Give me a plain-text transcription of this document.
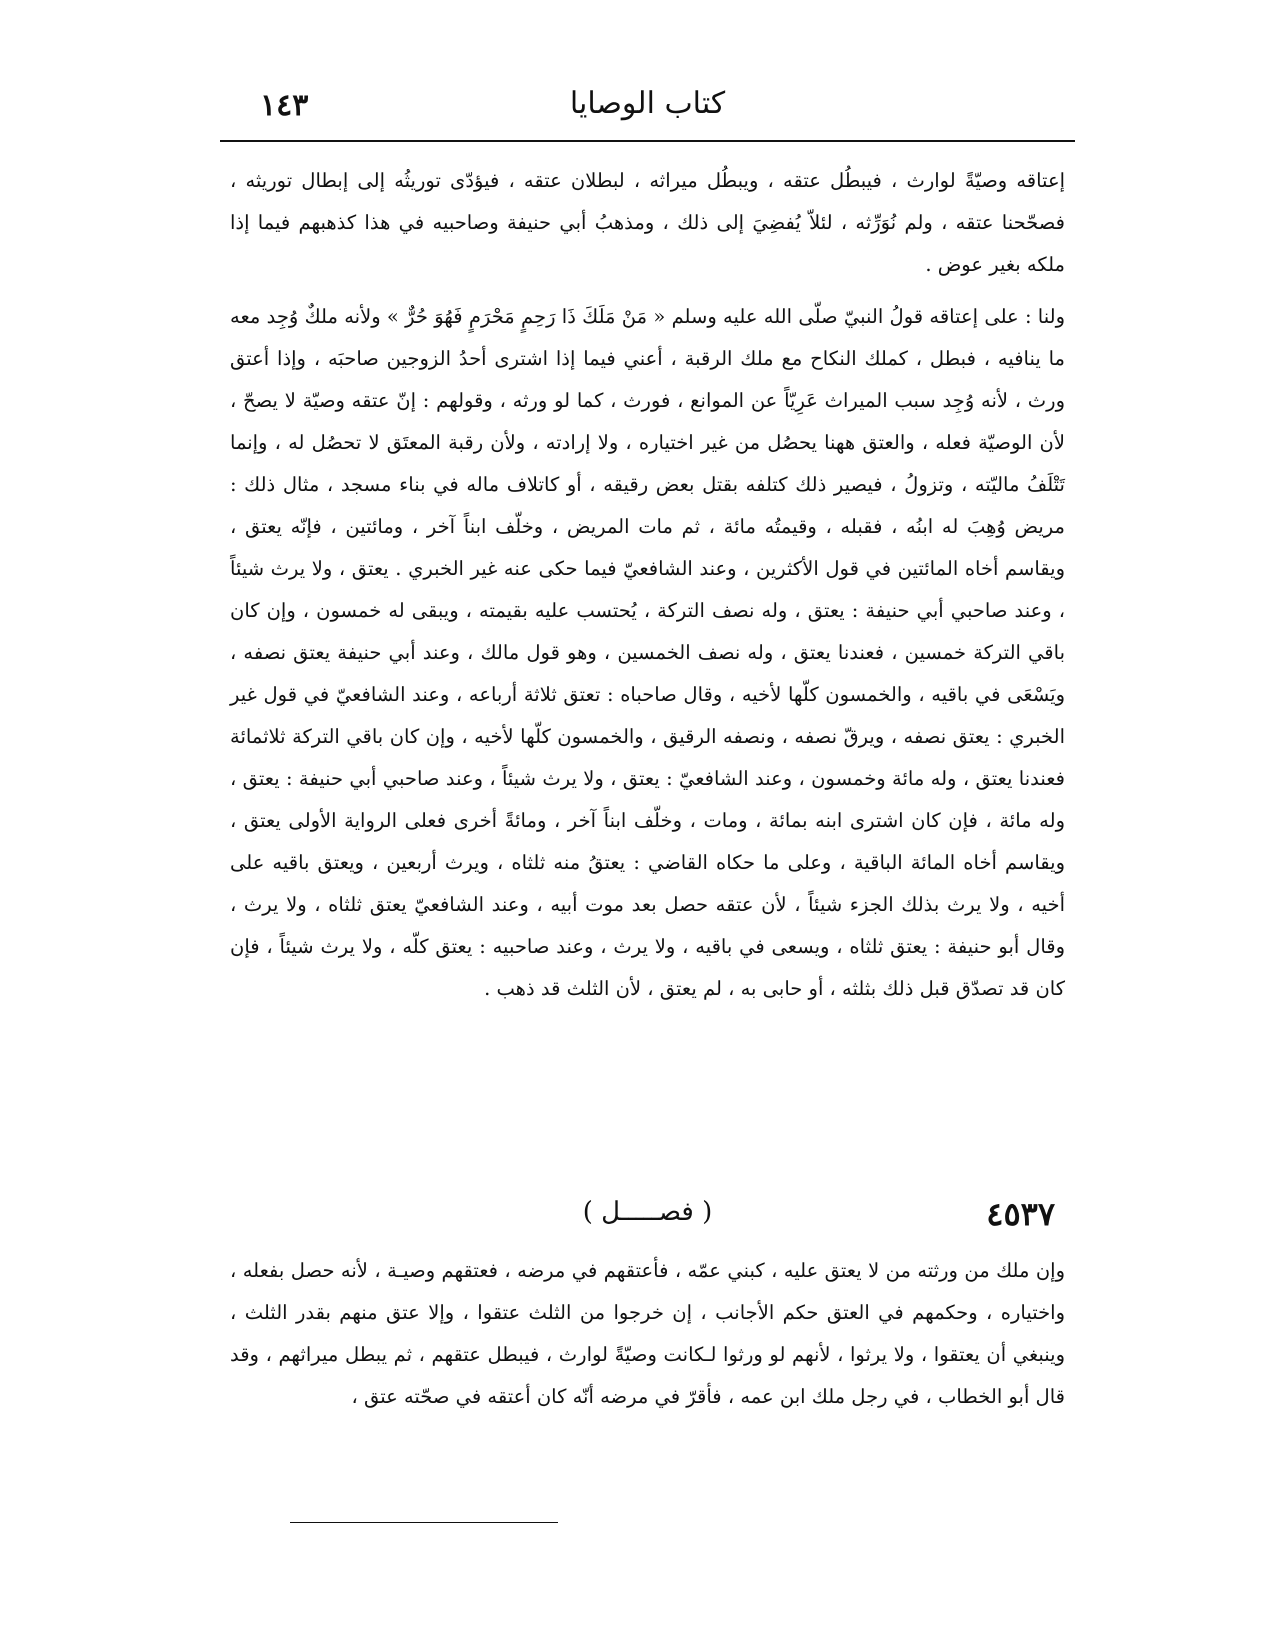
١٤٣	كتاب الوصايا

إعتاقه وصيّةً لوارث ، فيبطُل عتقه ، ويبطُل ميراثه ، لبطلان عتقه ، فيؤدّى توريثُه إلى إبطال توريثه ، فصحّحنا عتقه ، ولم نُوَرِّثه ، لئلاّ يُفضِيَ إلى ذلك ، ومذهبُ أبي حنيفة وصاحبيه في هذا كذهبهم فيما إذا ملكه بغير عوض .

ولنا : على إعتاقه قولُ النبيّ صلّى الله عليه وسلم « مَنْ مَلَكَ ذَا رَحِمٍ مَحْرَمٍ فَهُوَ حُرٌّ » ولأنه ملكٌ وُجِد معه ما ينافيه ، فبطل ، كملك النكاح مع ملك الرقبة ، أعني فيما إذا اشترى أحدُ الزوجين صاحبَه ، وإذا أعتق ورث ، لأنه وُجِد سبب الميراث عَرِيّاً عن الموانع ، فورث ، كما لو ورثه ، وقولهم : إنّ عتقه وصيّة لا يصحّ ، لأن الوصيّة فعله ، والعتق ههنا يحصُل من غير اختياره ، ولا إرادته ، ولأن رقبة المعتَق لا تحصُل له ، وإنما تَتْلَفُ ماليّته ، وتزولُ ، فيصير ذلك كتلفه بقتل بعض رقيقه ، أو كاتلاف ماله في بناء مسجد ، مثال ذلك : مريض وُهِبَ له ابنُه ، فقبله ، وقيمتُه مائة ، ثم مات المريض ، وخلّف ابناً آخر ، ومائتين ، فإنّه يعتق ، ويقاسم أخاه المائتين في قول الأكثرين ، وعند الشافعيّ فيما حكى عنه غير الخبري . يعتق ، ولا يرث شيئاً ، وعند صاحبي أبي حنيفة : يعتق ، وله نصف التركة ، يُحتسب عليه بقيمته ، ويبقى له خمسون ، وإن كان باقي التركة خمسين ، فعندنا يعتق ، وله نصف الخمسين ، وهو قول مالك ، وعند أبي حنيفة يعتق نصفه ، ويَسْعَى في باقيه ، والخمسون كلّها لأخيه ، وقال صاحباه : تعتق ثلاثة أرباعه ، وعند الشافعيّ في قول غير الخبري : يعتق نصفه ، ويرقّ نصفه ، ونصفه الرقيق ، والخمسون كلّها لأخيه ، وإن كان باقي التركة ثلاثمائة فعندنا يعتق ، وله مائة وخمسون ، وعند الشافعيّ : يعتق ، ولا يرث شيئاً ، وعند صاحبي أبي حنيفة : يعتق ، وله مائة ، فإن كان اشترى ابنه بمائة ، ومات ، وخلّف ابناً آخر ، ومائةً أخرى فعلى الرواية الأولى يعتق ، ويقاسم أخاه المائة الباقية ، وعلى ما حكاه القاضي : يعتقُ منه ثلثاه ، ويرث أربعين ، ويعتق باقيه على أخيه ، ولا يرث بذلك الجزء شيئاً ، لأن عتقه حصل بعد موت أبيه ، وعند الشافعيّ يعتق ثلثاه ، ولا يرث ، وقال أبو حنيفة : يعتق ثلثاه ، ويسعى في باقيه ، ولا يرث ، وعند صاحبيه : يعتق كلّه ، ولا يرث شيئاً ، فإن كان قد تصدّق قبل ذلك بثلثه ، أو حابى به ، لم يعتق ، لأن الثلث قد ذهب .

٤٥٣٧
( فصـــــل )

وإن ملك من ورثته من لا يعتق عليه ، كبني عمّه ، فأعتقهم في مرضه ، فعتقهم وصيـة ، لأنه حصل بفعله ، واختياره ، وحكمهم في العتق حكم الأجانب ، إن خرجوا من الثلث عتقوا ، وإلا عتق منهم بقدر الثلث ، وينبغي أن يعتقوا ، ولا يرثوا ، لأنهم لو ورثوا لـكانت وصيّةً لوارث ، فيبطل عتقهم ، ثم يبطل ميراثهم ، وقد قال أبو الخطاب ، في رجل ملك ابن عمه ، فأقرّ في مرضه أنّه كان أعتقه في صحّته عتق ،
